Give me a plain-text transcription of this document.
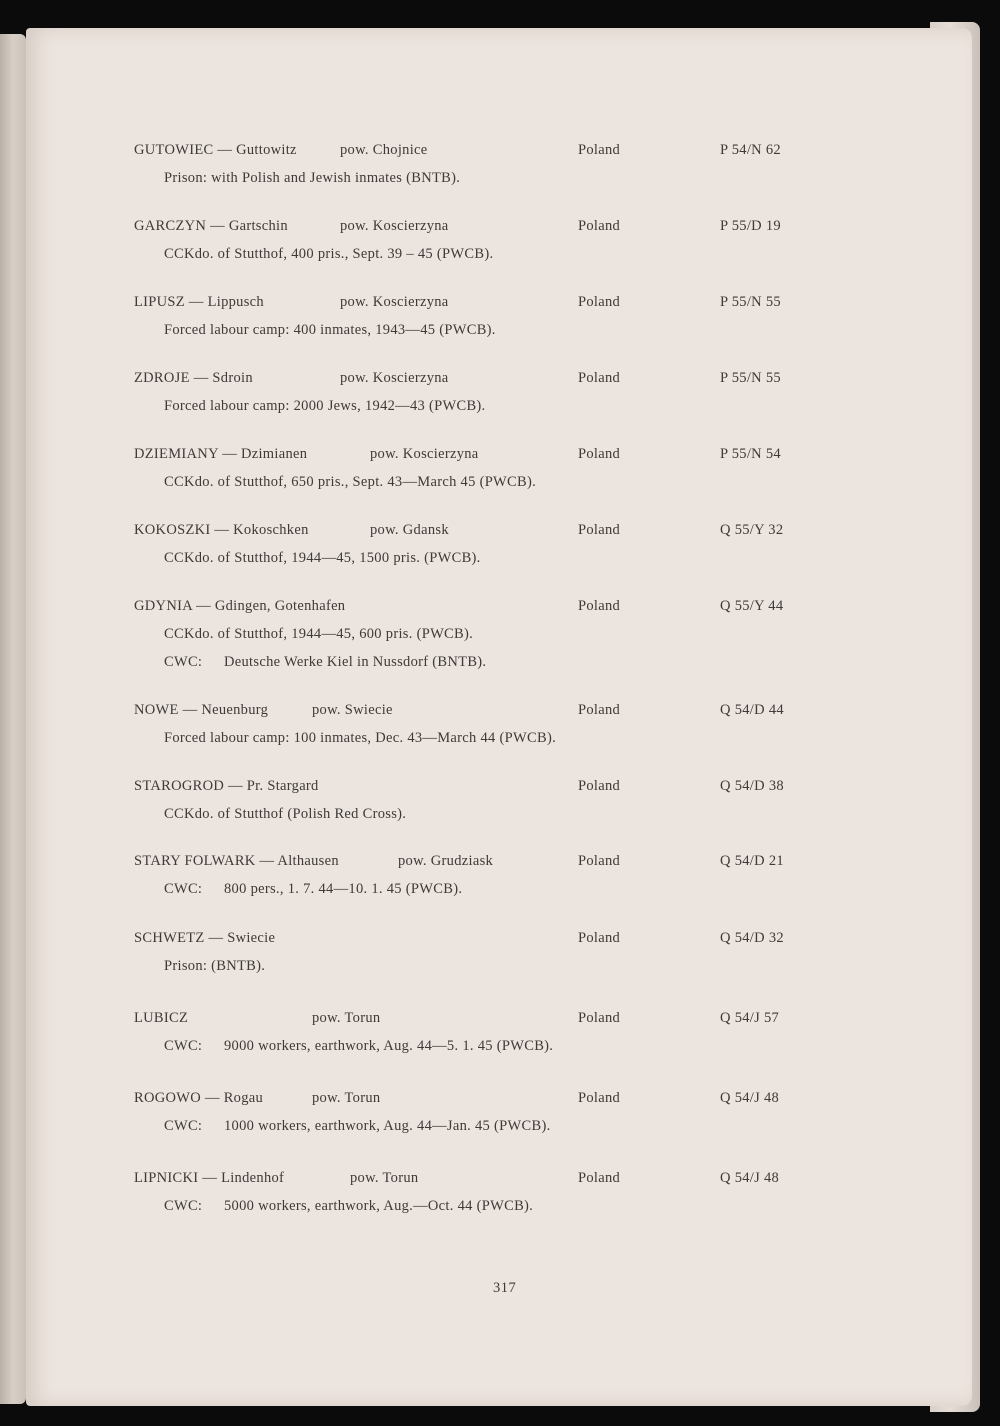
GUTOWIEC — Guttowitz	pow. Chojnice	Poland	P 54/N 62
Prison: with Polish and Jewish inmates (BNTB).
GARCZYN — Gartschin	pow. Koscierzyna	Poland	P 55/D 19
CCKdo. of Stutthof, 400 pris., Sept. 39 – 45 (PWCB).
LIPUSZ — Lippusch	pow. Koscierzyna	Poland	P 55/N 55
Forced labour camp: 400 inmates, 1943—45 (PWCB).
ZDROJE — Sdroin	pow. Koscierzyna	Poland	P 55/N 55
Forced labour camp: 2000 Jews, 1942—43 (PWCB).
DZIEMIANY — Dzimianen	pow. Koscierzyna	Poland	P 55/N 54
CCKdo. of Stutthof, 650 pris., Sept. 43—March 45 (PWCB).
KOKOSZKI — Kokoschken	pow. Gdansk	Poland	Q 55/Y 32
CCKdo. of Stutthof, 1944—45, 1500 pris. (PWCB).
GDYNIA — Gdingen, Gotenhafen	Poland	Q 55/Y 44
CCKdo. of Stutthof, 1944—45, 600 pris. (PWCB).
CWC: Deutsche Werke Kiel in Nussdorf (BNTB).
NOWE — Neuenburg	pow. Swiecie	Poland	Q 54/D 44
Forced labour camp: 100 inmates, Dec. 43—March 44 (PWCB).
STAROGROD — Pr. Stargard	Poland	Q 54/D 38
CCKdo. of Stutthof (Polish Red Cross).
STARY FOLWARK — Althausen	pow. Grudziask	Poland	Q 54/D 21
CWC: 800 pers., 1. 7. 44—10. 1. 45 (PWCB).
SCHWETZ — Swiecie	Poland	Q 54/D 32
Prison: (BNTB).
LUBICZ	pow. Torun	Poland	Q 54/J 57
CWC: 9000 workers, earthwork, Aug. 44—5. 1. 45 (PWCB).
ROGOWO — Rogau	pow. Torun	Poland	Q 54/J 48
CWC: 1000 workers, earthwork, Aug. 44—Jan. 45 (PWCB).
LIPNICKI — Lindenhof	pow. Torun	Poland	Q 54/J 48
CWC: 5000 workers, earthwork, Aug.—Oct. 44 (PWCB).
317
